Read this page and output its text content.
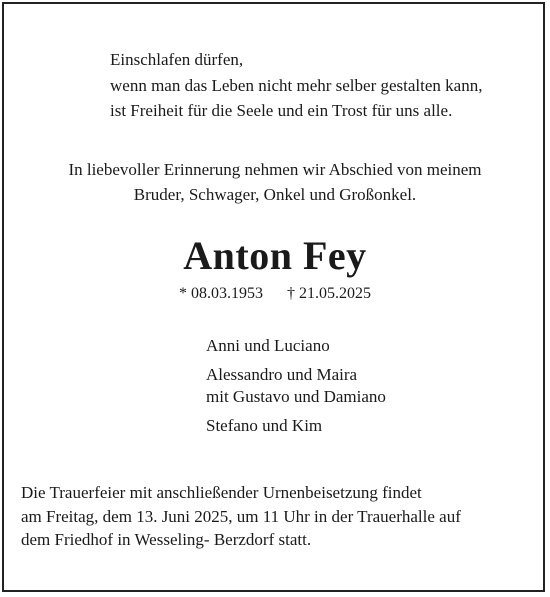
Einschlafen dürfen,
wenn man das Leben nicht mehr selber gestalten kann,
ist Freiheit für die Seele und ein Trost für uns alle.
In liebevoller Erinnerung nehmen wir Abschied von meinem
Bruder, Schwager, Onkel und Großonkel.
Anton Fey
* 08.03.1953 † 21.05.2025
Anni und Luciano
Alessandro und Maira
mit Gustavo und Damiano
Stefano und Kim
Die Trauerfeier mit anschließender Urnenbeisetzung findet
am Freitag, dem 13. Juni 2025, um 11 Uhr in der Trauerhalle auf
dem Friedhof in Wesseling- Berzdorf statt.
